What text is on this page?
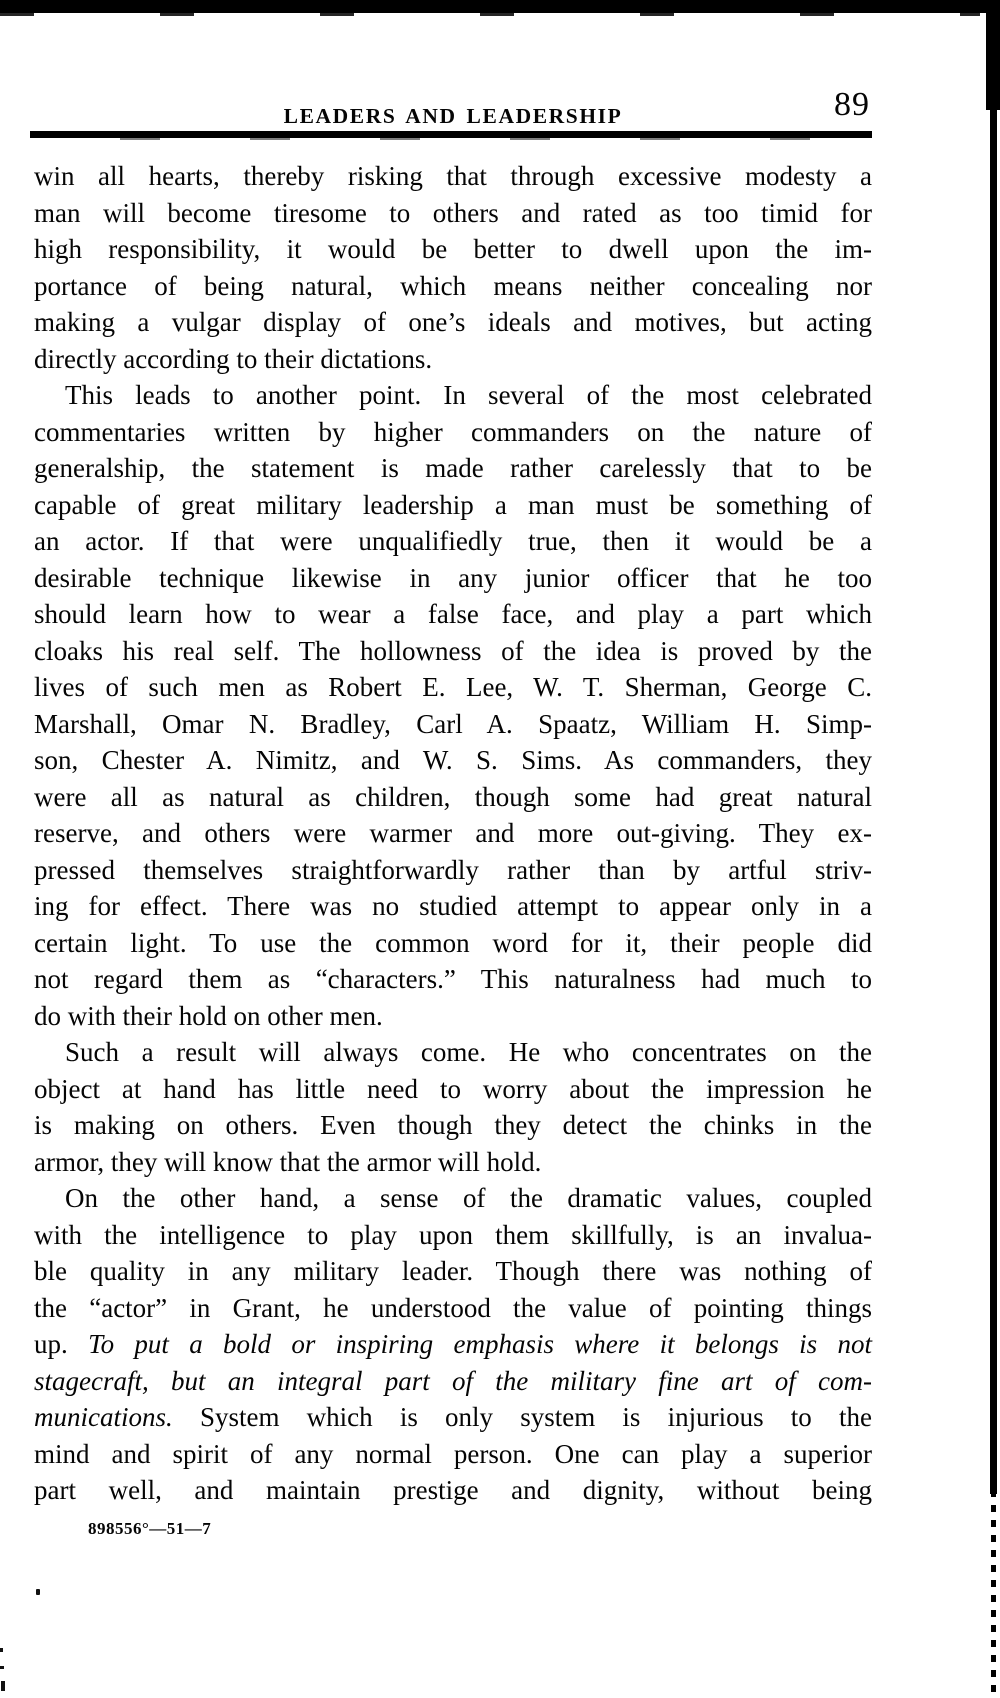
LEADERS AND LEADERSHIP	89
win all hearts, thereby risking that through excessive modesty a
man will become tiresome to others and rated as too timid for
high responsibility, it would be better to dwell upon the im-
portance of being natural, which means neither concealing nor
making a vulgar display of one’s ideals and motives, but acting
directly according to their dictations.
This leads to another point. In several of the most celebrated
commentaries written by higher commanders on the nature of
generalship, the statement is made rather carelessly that to be
capable of great military leadership a man must be something of
an actor. If that were unqualifiedly true, then it would be a
desirable technique likewise in any junior officer that he too
should learn how to wear a false face, and play a part which
cloaks his real self. The hollowness of the idea is proved by the
lives of such men as Robert E. Lee, W. T. Sherman, George C.
Marshall, Omar N. Bradley, Carl A. Spaatz, William H. Simp-
son, Chester A. Nimitz, and W. S. Sims. As commanders, they
were all as natural as children, though some had great natural
reserve, and others were warmer and more out-giving. They ex-
pressed themselves straightforwardly rather than by artful striv-
ing for effect. There was no studied attempt to appear only in a
certain light. To use the common word for it, their people did
not regard them as “characters.” This naturalness had much to
do with their hold on other men.
Such a result will always come. He who concentrates on the
object at hand has little need to worry about the impression he
is making on others. Even though they detect the chinks in the
armor, they will know that the armor will hold.
On the other hand, a sense of the dramatic values, coupled
with the intelligence to play upon them skillfully, is an invalua-
ble quality in any military leader. Though there was nothing of
the “actor” in Grant, he understood the value of pointing things
up. To put a bold or inspiring emphasis where it belongs is not
stagecraft, but an integral part of the military fine art of com-
munications. System which is only system is injurious to the
mind and spirit of any normal person. One can play a superior
part well, and maintain prestige and dignity, without being
898556°—51—7
